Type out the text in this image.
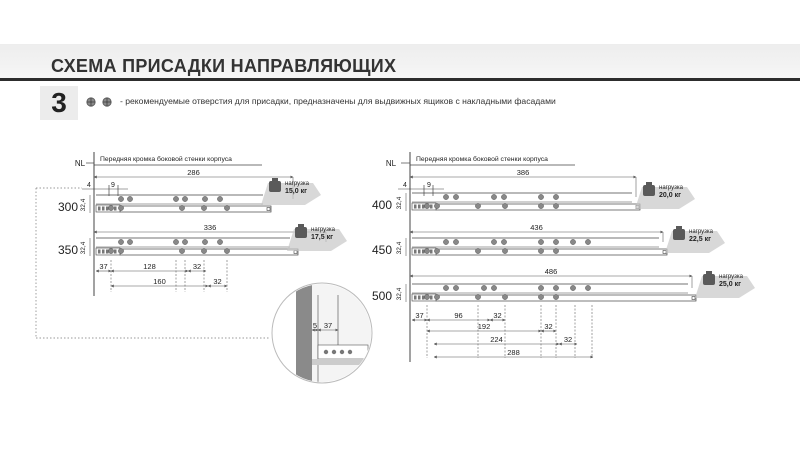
СХЕМА ПРИСАДКИ НАПРАВЛЯЮЩИХ
3	- рекомендуемые отверстия для присадки, предназначены для выдвижных ящиков с накладными фасадами
NL Передняя кромка боковой стенки корпуса
4	9
300 32,4
286
нагрузка
15,0 кг
350 32,4
336	нагрузка
17,5 кг
37	128	32
160	32
NL	Передняя кромка боковой стенки корпуса
4	9
400 32,4
386
нагрузка
20,0 кг
450 32,4
436	нагрузка
22,5 кг
500 32,4
486
нагрузка
25,0 кг
37	96	32
192	32
224	32
288
5 37
